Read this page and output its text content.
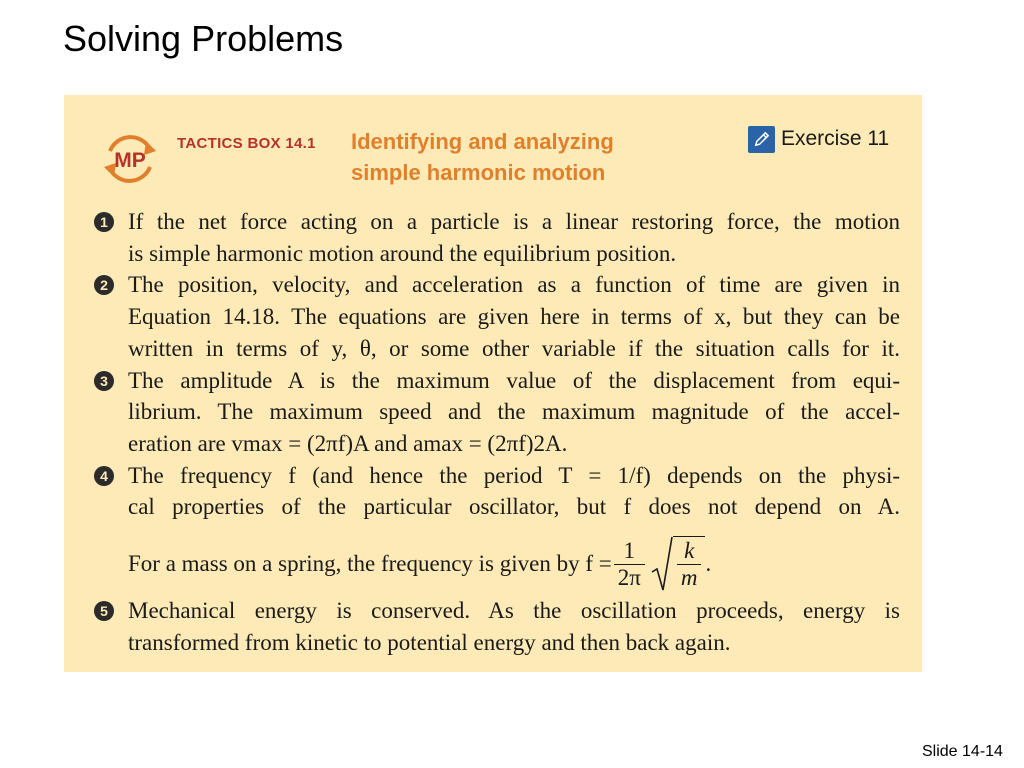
Solving Problems
MP
TACTICS BOX 14.1 Identifying and analyzing
simple harmonic motion
Exercise 11
1 If the net force acting on a particle is a linear restoring force, the motion
is simple harmonic motion around the equilibrium position.
2 The position, velocity, and acceleration as a function of time are given in
Equation 14.18. The equations are given here in terms of x, but they can be
written in terms of y, θ, or some other variable if the situation calls for it.
3 The amplitude A is the maximum value of the displacement from equi-
librium. The maximum speed and the maximum magnitude of the accel-
eration are vmax = (2πf)A and amax = (2πf)2A.
4 The frequency f (and hence the period T = 1/f) depends on the physi-
cal properties of the particular oscillator, but f does not depend on A.
For a mass on a spring, the frequency is given by $f = \frac{1}{2\pi} \frac{k}{m}$ .
5 Mechanical energy is conserved. As the oscillation proceeds, energy is
transformed from kinetic to potential energy and then back again.
Slide 14-14
